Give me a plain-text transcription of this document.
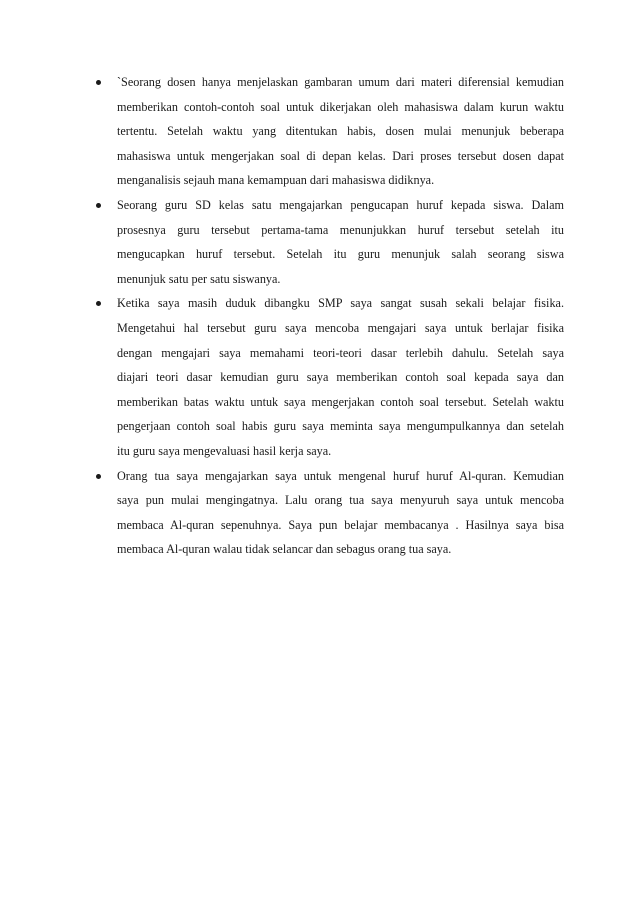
`Seorang dosen hanya menjelaskan gambaran umum dari materi diferensial kemudian
memberikan contoh-contoh soal untuk dikerjakan oleh mahasiswa dalam kurun waktu
tertentu. Setelah waktu yang ditentukan habis, dosen mulai menunjuk beberapa
mahasiswa untuk mengerjakan soal di depan kelas. Dari proses tersebut dosen dapat
menganalisis sejauh mana kemampuan dari mahasiswa didiknya.
Seorang guru SD kelas satu mengajarkan pengucapan huruf kepada siswa. Dalam
prosesnya guru tersebut pertama-tama menunjukkan huruf tersebut setelah itu
mengucapkan huruf tersebut. Setelah itu guru menunjuk salah seorang siswa
menunjuk satu per satu siswanya.
Ketika saya masih duduk dibangku SMP saya sangat susah sekali belajar fisika.
Mengetahui hal tersebut guru saya mencoba mengajari saya untuk berlajar fisika
dengan mengajari saya memahami teori-teori dasar terlebih dahulu. Setelah saya
diajari teori dasar kemudian guru saya memberikan contoh soal kepada saya dan
memberikan batas waktu untuk saya mengerjakan contoh soal tersebut. Setelah waktu
pengerjaan contoh soal habis guru saya meminta saya mengumpulkannya dan setelah
itu guru saya mengevaluasi hasil kerja saya.
Orang tua saya mengajarkan saya untuk mengenal huruf huruf Al-quran. Kemudian
saya pun mulai mengingatnya. Lalu orang tua saya menyuruh saya untuk mencoba
membaca Al-quran sepenuhnya. Saya pun belajar membacanya . Hasilnya saya bisa
membaca Al-quran walau tidak selancar dan sebagus orang tua saya.
